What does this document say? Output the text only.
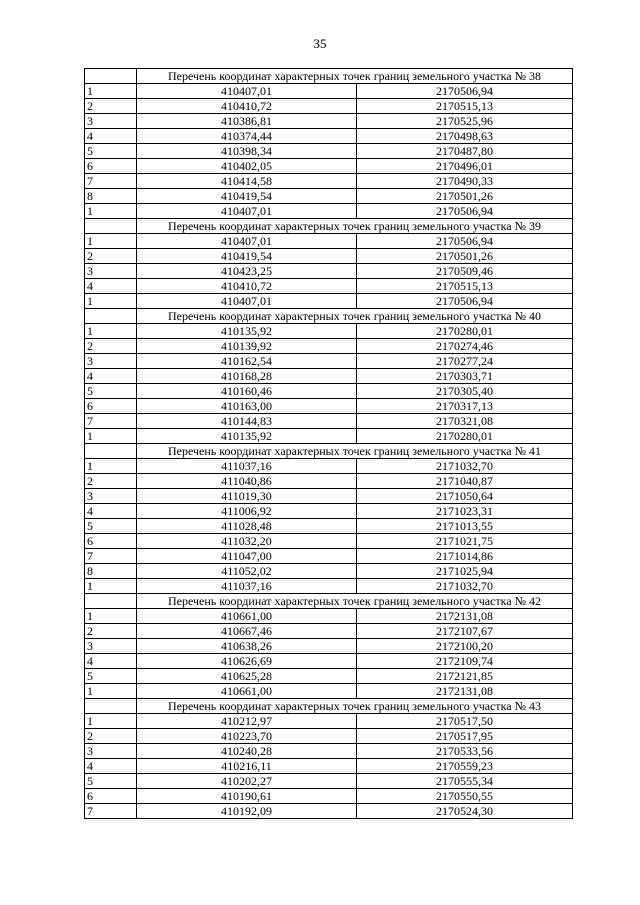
35
	Перечень координат характерных точек границ земельного участка № 38	
1	410407,01	2170506,94
2	410410,72	2170515,13
3	410386,81	2170525,96
4	410374,44	2170498,63
5	410398,34	2170487,80
6	410402,05	2170496,01
7	410414,58	2170490,33
8	410419,54	2170501,26
1	410407,01	2170506,94
	Перечень координат характерных точек границ земельного участка № 39	
1	410407,01	2170506,94
2	410419,54	2170501,26
3	410423,25	2170509,46
4	410410,72	2170515,13
1	410407,01	2170506,94
	Перечень координат характерных точек границ земельного участка № 40	
1	410135,92	2170280,01
2	410139,92	2170274,46
3	410162,54	2170277,24
4	410168,28	2170303,71
5	410160,46	2170305,40
6	410163,00	2170317,13
7	410144,83	2170321,08
1	410135,92	2170280,01
	Перечень координат характерных точек границ земельного участка № 41	
1	411037,16	2171032,70
2	411040,86	2171040,87
3	411019,30	2171050,64
4	411006,92	2171023,31
5	411028,48	2171013,55
6	411032,20	2171021,75
7	411047,00	2171014,86
8	411052,02	2171025,94
1	411037,16	2171032,70
	Перечень координат характерных точек границ земельного участка № 42	
1	410661,00	2172131,08
2	410667,46	2172107,67
3	410638,26	2172100,20
4	410626,69	2172109,74
5	410625,28	2172121,85
1	410661,00	2172131,08
	Перечень координат характерных точек границ земельного участка № 43	
1	410212,97	2170517,50
2	410223,70	2170517,95
3	410240,28	2170533,56
4	410216,11	2170559,23
5	410202,27	2170555,34
6	410190,61	2170550,55
7	410192,09	2170524,30
